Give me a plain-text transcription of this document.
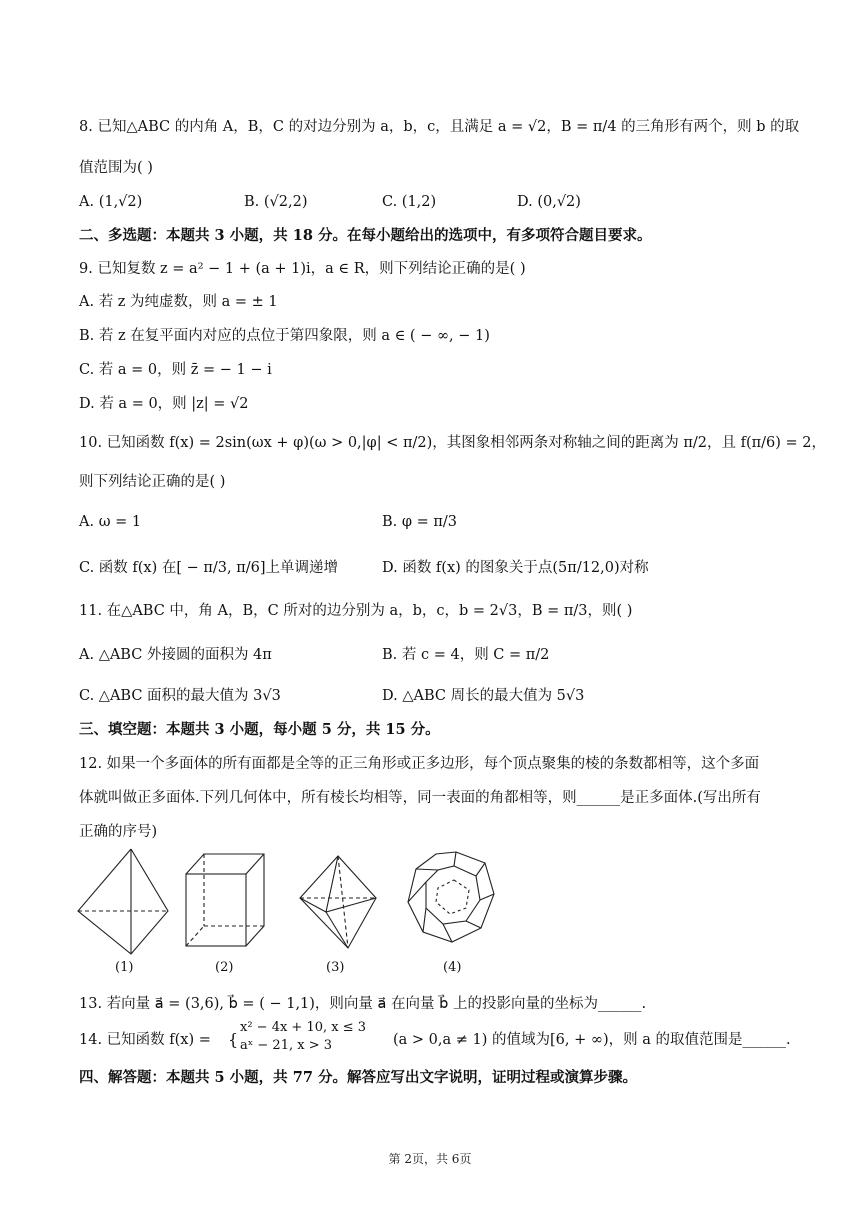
8. 已知△ABC 的内角 A，B，C 的对边分别为 a，b，c，且满足 a = √2，B = π/4 的三角形有两个，则 b 的取
值范围为( )
A. (1,√2)	B. (√2,2)	C. (1,2)	D. (0,√2)
二、多选题：本题共 3 小题，共 18 分。在每小题给出的选项中，有多项符合题目要求。
9. 已知复数 z = a² − 1 + (a + 1)i，a ∈ R，则下列结论正确的是( )
A. 若 z 为纯虚数，则 a = ± 1
B. 若 z 在复平面内对应的点位于第四象限，则 a ∈ ( − ∞, − 1)
C. 若 a = 0，则 z̄ = − 1 − i
D. 若 a = 0，则 |z| = √2
10. 已知函数 f(x) = 2sin(ωx + φ)(ω > 0,|φ| < π/2)，其图象相邻两条对称轴之间的距离为 π/2，且 f(π/6) = 2，
则下列结论正确的是( )
A. ω = 1	B. φ = π/3
C. 函数 f(x) 在[ − π/3, π/6]上单调递增	D. 函数 f(x) 的图象关于点(5π/12,0)对称
11. 在△ABC 中，角 A，B，C 所对的边分别为 a，b，c，b = 2√3，B = π/3，则( )
A. △ABC 外接圆的面积为 4π	B. 若 c = 4，则 C = π/2
C. △ABC 面积的最大值为 3√3	D. △ABC 周长的最大值为 5√3
三、填空题：本题共 3 小题，每小题 5 分，共 15 分。
12. 如果一个多面体的所有面都是全等的正三角形或正多边形，每个顶点聚集的棱的条数都相等，这个多面
体就叫做正多面体.下列几何体中，所有棱长均相等，同一表面的角都相等，则______是正多面体.(写出所有
正确的序号)
(1)	(2)	(3)	(4)
13. 若向量 a⃗ = (3,6), b⃗ = ( − 1,1)，则向量 a⃗ 在向量 b⃗ 上的投影向量的坐标为______.
14. 已知函数 f(x) = {
x² − 4x + 10, x ≤ 3
aˣ − 21, x > 3	(a > 0,a ≠ 1) 的值域为[6, + ∞)，则 a 的取值范围是______.
四、解答题：本题共 5 小题，共 77 分。解答应写出文字说明，证明过程或演算步骤。
第 2页，共 6页
